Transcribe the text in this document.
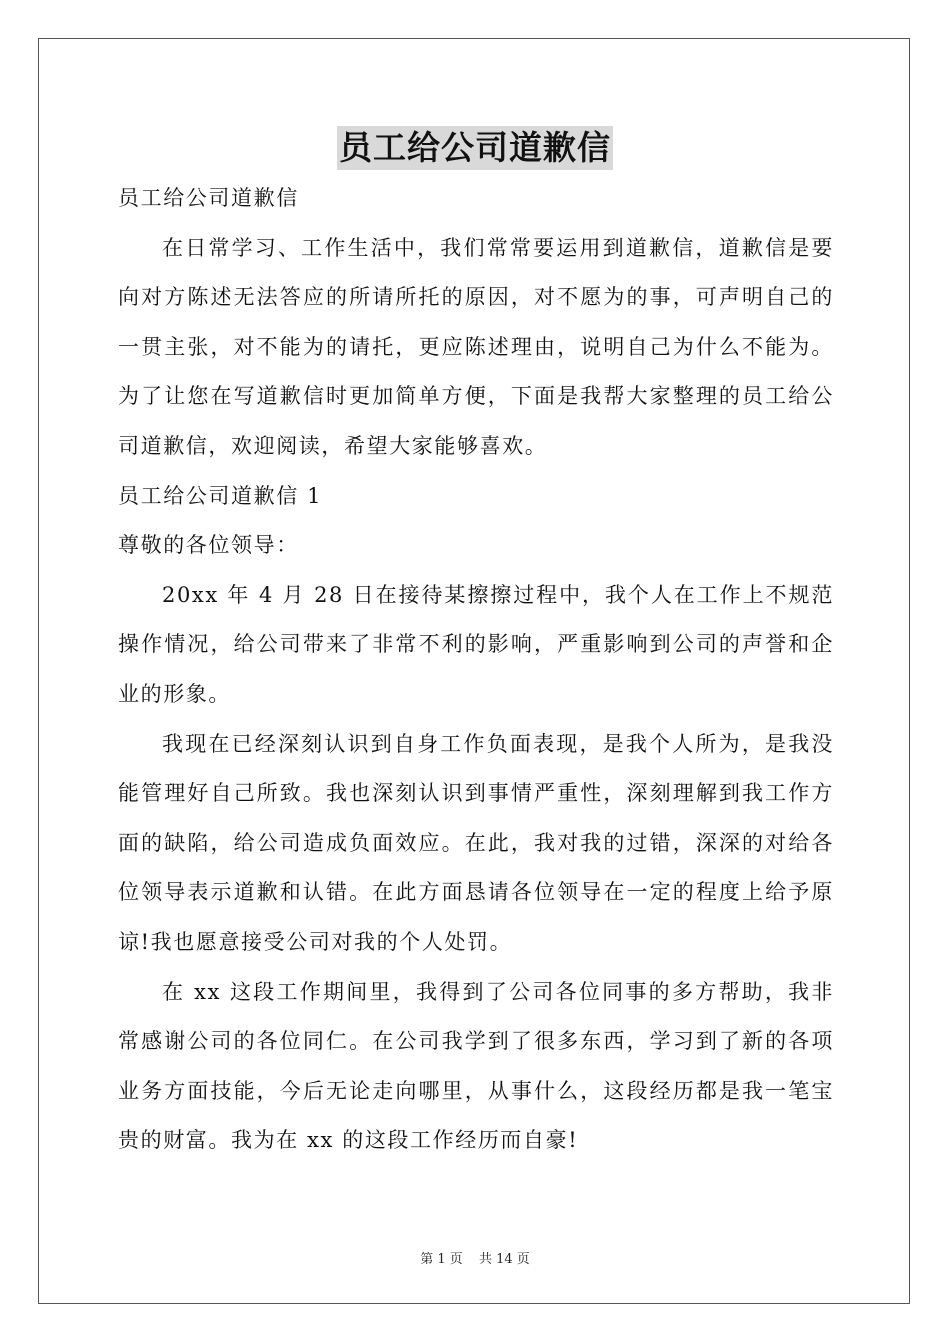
员工给公司道歉信

员工给公司道歉信

在日常学习、工作生活中，我们常常要运用到道歉信，道歉信是要向对方陈述无法答应的所请所托的原因，对不愿为的事，可声明自己的一贯主张，对不能为的请托，更应陈述理由，说明自己为什么不能为。为了让您在写道歉信时更加简单方便，下面是我帮大家整理的员工给公司道歉信，欢迎阅读，希望大家能够喜欢。

员工给公司道歉信 1

尊敬的各位领导：

20xx 年 4 月 28 日在接待某擦擦过程中，我个人在工作上不规范操作情况，给公司带来了非常不利的影响，严重影响到公司的声誉和企业的形象。

我现在已经深刻认识到自身工作负面表现，是我个人所为，是我没能管理好自己所致。我也深刻认识到事情严重性，深刻理解到我工作方面的缺陷，给公司造成负面效应。在此，我对我的过错，深深的对给各位领导表示道歉和认错。在此方面恳请各位领导在一定的程度上给予原谅!我也愿意接受公司对我的个人处罚。

在 xx 这段工作期间里，我得到了公司各位同事的多方帮助，我非常感谢公司的各位同仁。在公司我学到了很多东西，学习到了新的各项业务方面技能，今后无论走向哪里，从事什么，这段经历都是我一笔宝贵的财富。我为在 xx 的这段工作经历而自豪!

第 1 页 共 14 页
